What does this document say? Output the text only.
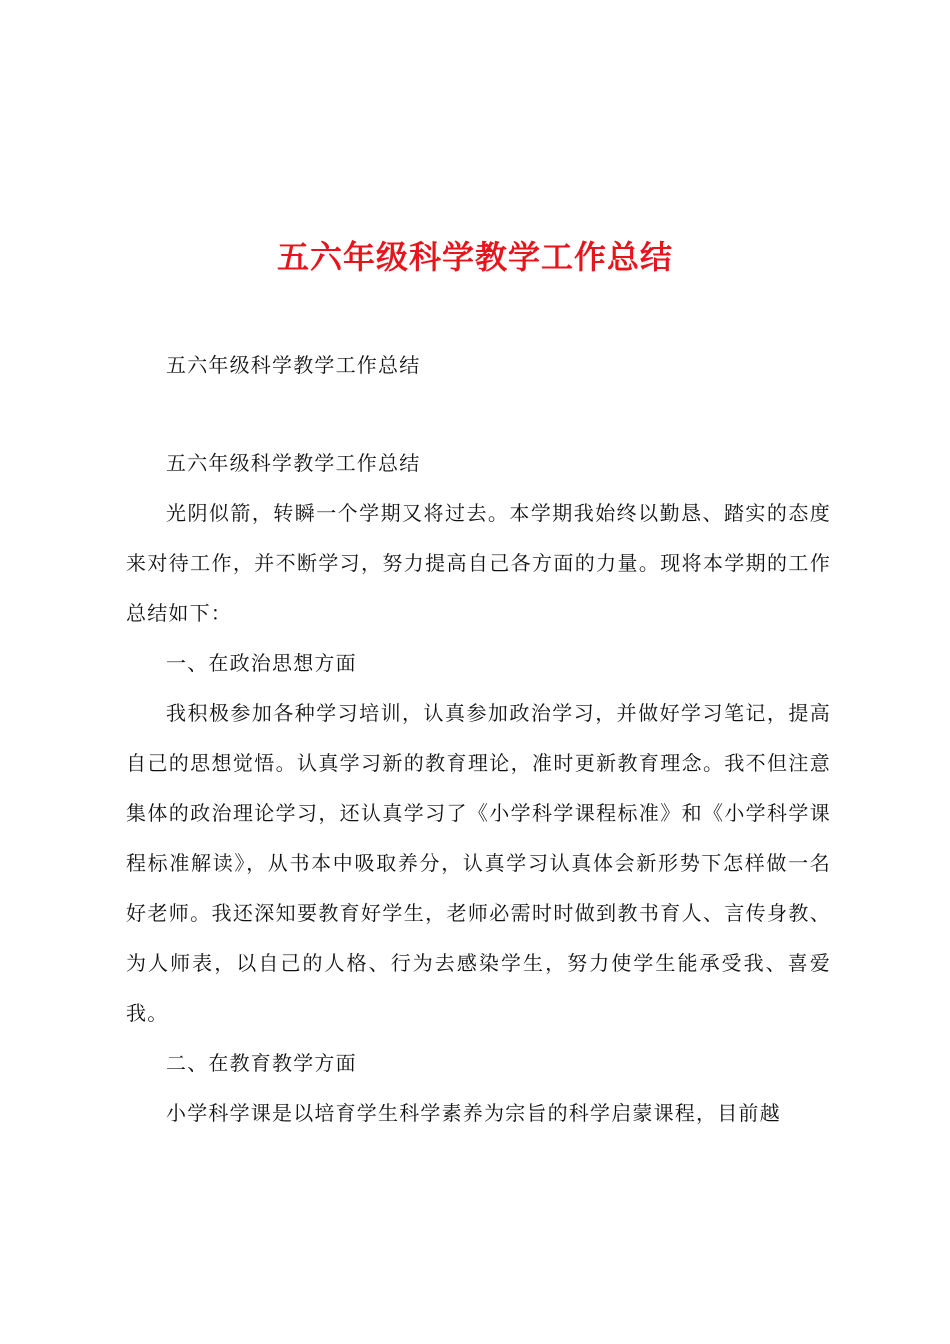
五六年级科学教学工作总结

五六年级科学教学工作总结

五六年级科学教学工作总结

光阴似箭，转瞬一个学期又将过去。本学期我始终以勤恳、踏实的态度来对待工作，并不断学习，努力提高自己各方面的力量。现将本学期的工作总结如下：

一、在政治思想方面

我积极参加各种学习培训，认真参加政治学习，并做好学习笔记，提高自己的思想觉悟。认真学习新的教育理论，准时更新教育理念。我不但注意集体的政治理论学习，还认真学习了《小学科学课程标准》和《小学科学课程标准解读》，从书本中吸取养分，认真学习认真体会新形势下怎样做一名好老师。我还深知要教育好学生，老师必需时时做到教书育人、言传身教、为人师表，以自己的人格、行为去感染学生，努力使学生能承受我、喜爱我。

二、在教育教学方面

小学科学课是以培育学生科学素养为宗旨的科学启蒙课程，目前越
